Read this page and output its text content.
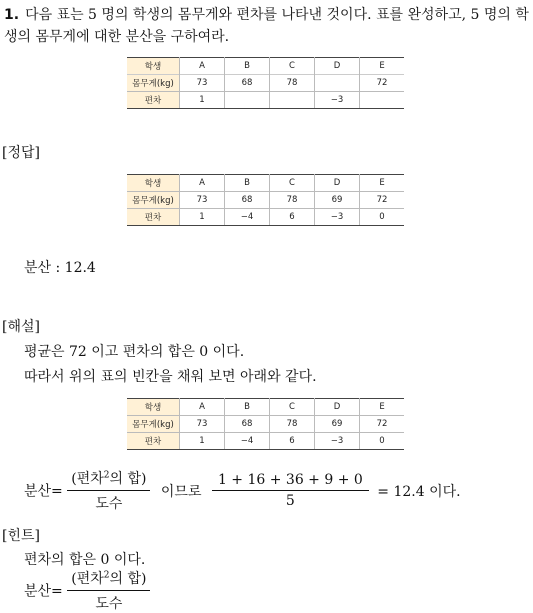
1. 다음 표는 5 명의 학생의 몸무게와 편차를 나타낸 것이다. 표를 완성하고, 5 명의 학생의 몸무게에 대한 분산을 구하여라.
학생	A	B	C	D	E
몸무게(kg)	73	68	78		72
편차	1			−3	
[정답]
학생	A	B	C	D	E
몸무게(kg)	73	68	78	69	72
편차	1	−4	6	−3	0
분산 : 12.4
[해설]
평균은 72 이고 편차의 합은 0 이다.
따라서 위의 표의 빈칸을 채워 보면 아래와 같다.
학생	A	B	C	D	E
몸무게(kg)	73	68	78	69	72
편차	1	−4	6	−3	0
분산= $\frac{(편차^2의 합)}{\text{도수}}$ 이므로 $\frac{1 + 16 + 36 + 9 + 0}{5} = 12.4$ 이다.
[힌트]
편차의 합은 0 이다.
분산= $\frac{(편차^2의 합)}{\text{도수}}$
